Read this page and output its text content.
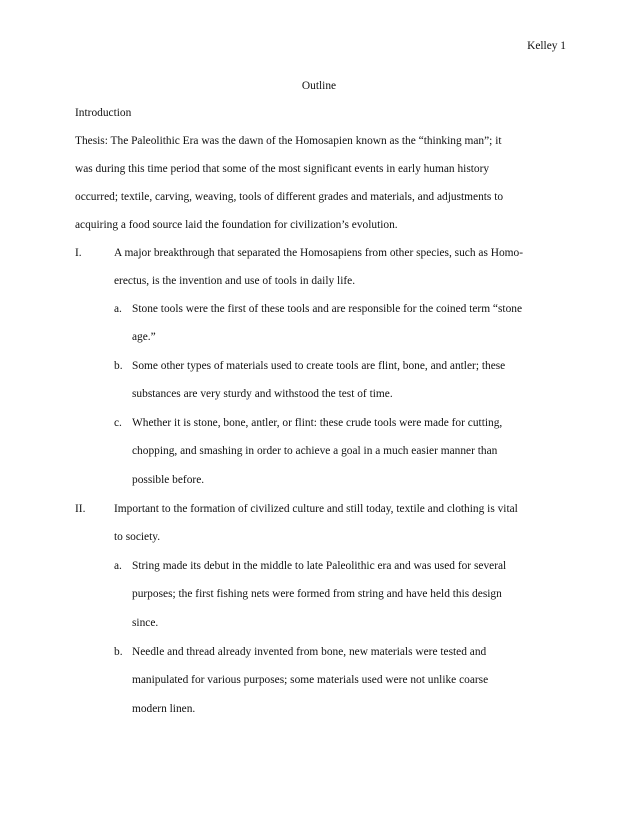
Kelley 1
Outline
Introduction
Thesis: The Paleolithic Era was the dawn of the Homosapien known as the “thinking man”; it
was during this time period that some of the most significant events in early human history
occurred; textile, carving, weaving, tools of different grades and materials, and adjustments to
acquiring a food source laid the foundation for civilization’s evolution.
I.	A major breakthrough that separated the Homosapiens from other species, such as Homo-
erectus, is the invention and use of tools in daily life.
a. Stone tools were the first of these tools and are responsible for the coined term “stone
age.”
b. Some other types of materials used to create tools are flint, bone, and antler; these
substances are very sturdy and withstood the test of time.
c. Whether it is stone, bone, antler, or flint: these crude tools were made for cutting,
chopping, and smashing in order to achieve a goal in a much easier manner than
possible before.
II.	Important to the formation of civilized culture and still today, textile and clothing is vital
to society.
a. String made its debut in the middle to late Paleolithic era and was used for several
purposes; the first fishing nets were formed from string and have held this design
since.
b. Needle and thread already invented from bone, new materials were tested and
manipulated for various purposes; some materials used were not unlike coarse
modern linen.
